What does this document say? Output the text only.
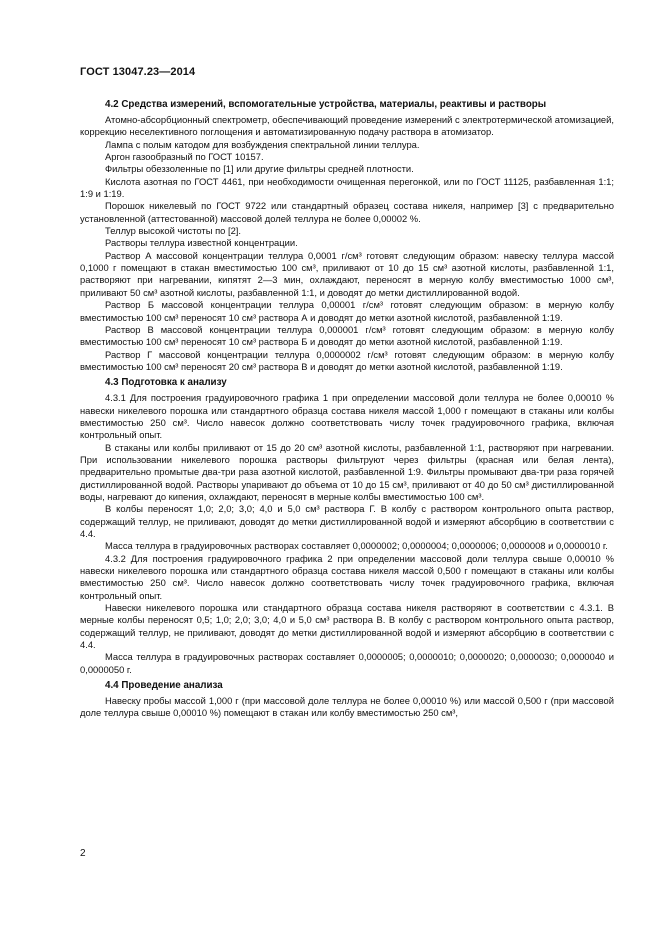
ГОСТ 13047.23—2014
4.2 Средства измерений, вспомогательные устройства, материалы, реактивы и растворы

Атомно-абсорбционный спектрометр, обеспечивающий проведение измерений с электротермической атомизацией, коррекцию неселективного поглощения и автоматизированную подачу раствора в атомизатор.

Лампа с полым катодом для возбуждения спектральной линии теллура.

Аргон газообразный по ГОСТ 10157.

Фильтры обеззоленные по [1] или другие фильтры средней плотности.

Кислота азотная по ГОСТ 4461, при необходимости очищенная перегонкой, или по ГОСТ 11125, разбавленная 1:1; 1:9 и 1:19.

Порошок никелевый по ГОСТ 9722 или стандартный образец состава никеля, например [3] с предварительно установленной (аттестованной) массовой долей теллура не более 0,00002 %.

Теллур высокой чистоты по [2].

Растворы теллура известной концентрации.

Раствор А массовой концентрации теллура 0,0001 г/см³ готовят следующим образом: навеску теллура массой 0,1000 г помещают в стакан вместимостью 100 см³, приливают от 10 до 15 см³ азотной кислоты, разбавленной 1:1, растворяют при нагревании, кипятят 2—3 мин, охлаждают, переносят в мерную колбу вместимостью 1000 см³, приливают 50 см³ азотной кислоты, разбавленной 1:1, и доводят до метки дистиллированной водой.

Раствор Б массовой концентрации теллура 0,00001 г/см³ готовят следующим образом: в мерную колбу вместимостью 100 см³ переносят 10 см³ раствора А и доводят до метки азотной кислотой, разбавленной 1:19.

Раствор В массовой концентрации теллура 0,000001 г/см³ готовят следующим образом: в мерную колбу вместимостью 100 см³ переносят 10 см³ раствора Б и доводят до метки азотной кислотой, разбавленной 1:19.

Раствор Г массовой концентрации теллура 0,0000002 г/см³ готовят следующим образом: в мерную колбу вместимостью 100 см³ переносят 20 см³ раствора В и доводят до метки азотной кислотой, разбавленной 1:19.

4.3 Подготовка к анализу

4.3.1 Для построения градуировочного графика 1 при определении массовой доли теллура не более 0,00010 % навески никелевого порошка или стандартного образца состава никеля массой 1,000 г помещают в стаканы или колбы вместимостью 250 см³. Число навесок должно соответствовать числу точек градуировочного графика, включая контрольный опыт.

В стаканы или колбы приливают от 15 до 20 см³ азотной кислоты, разбавленной 1:1, растворяют при нагревании. При использовании никелевого порошка растворы фильтруют через фильтры (красная или белая лента), предварительно промытые два-три раза азотной кислотой, разбавленной 1:9. Фильтры промывают два-три раза горячей дистиллированной водой. Растворы упаривают до объема от 10 до 15 см³, приливают от 40 до 50 см³ дистиллированной воды, нагревают до кипения, охлаждают, переносят в мерные колбы вместимостью 100 см³.

В колбы переносят 1,0; 2,0; 3,0; 4,0 и 5,0 см³ раствора Г. В колбу с раствором контрольного опыта раствор, содержащий теллур, не приливают, доводят до метки дистиллированной водой и измеряют абсорбцию в соответствии с 4.4.

Масса теллура в градуировочных растворах составляет 0,0000002; 0,0000004; 0,0000006; 0,0000008 и 0,0000010 г.

4.3.2 Для построения градуировочного графика 2 при определении массовой доли теллура свыше 0,00010 % навески никелевого порошка или стандартного образца состава никеля массой 0,500 г помещают в стаканы или колбы вместимостью 250 см³. Число навесок должно соответствовать числу точек градуировочного графика, включая контрольный опыт.

Навески никелевого порошка или стандартного образца состава никеля растворяют в соответствии с 4.3.1. В мерные колбы переносят 0,5; 1,0; 2,0; 3,0; 4,0 и 5,0 см³ раствора В. В колбу с раствором контрольного опыта раствор, содержащий теллур, не приливают, доводят до метки дистиллированной водой и измеряют абсорбцию в соответствии с 4.4.

Масса теллура в градуировочных растворах составляет 0,0000005; 0,0000010; 0,0000020; 0,0000030; 0,0000040 и 0,0000050 г.

4.4 Проведение анализа

Навеску пробы массой 1,000 г (при массовой доле теллура не более 0,00010 %) или массой 0,500 г (при массовой доле теллура свыше 0,00010 %) помещают в стакан или колбу вместимостью 250 см³,

2
